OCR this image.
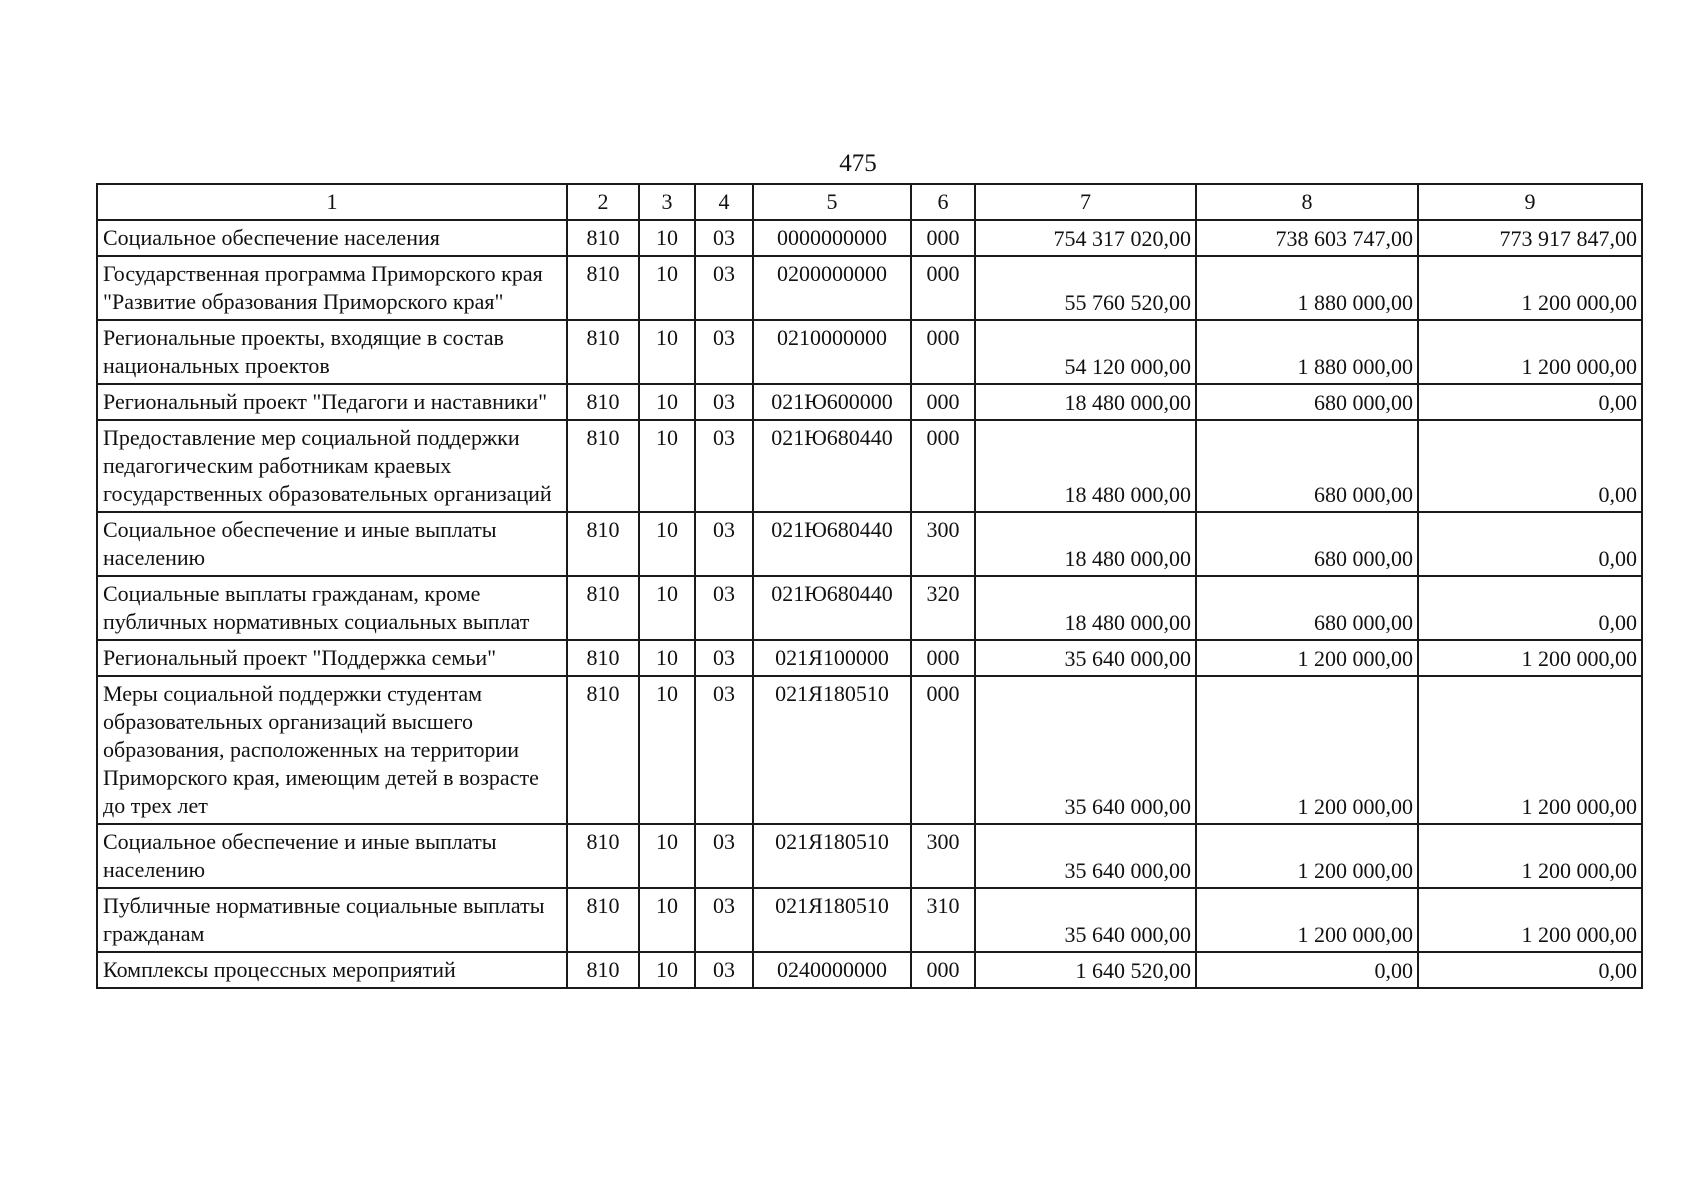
475
1	2	3	4	5	6	7	8	9
Социальное обеспечение населения	810	10	03	0000000000	000	754 317 020,00	738 603 747,00	773 917 847,00
Государственная программа Приморского края "Развитие образования Приморского края"	810	10	03	0200000000	000	55 760 520,00	1 880 000,00	1 200 000,00
Региональные проекты, входящие в состав национальных проектов	810	10	03	0210000000	000	54 120 000,00	1 880 000,00	1 200 000,00
Региональный проект "Педагоги и наставники"	810	10	03	021Ю600000	000	18 480 000,00	680 000,00	0,00
Предоставление мер социальной поддержки педагогическим работникам краевых государственных образовательных организаций	810	10	03	021Ю680440	000	18 480 000,00	680 000,00	0,00
Социальное обеспечение и иные выплаты населению	810	10	03	021Ю680440	300	18 480 000,00	680 000,00	0,00
Социальные выплаты гражданам, кроме публичных нормативных социальных выплат	810	10	03	021Ю680440	320	18 480 000,00	680 000,00	0,00
Региональный проект "Поддержка семьи"	810	10	03	021Я100000	000	35 640 000,00	1 200 000,00	1 200 000,00
Меры социальной поддержки студентам образовательных организаций высшего образования, расположенных на территории Приморского края, имеющим детей в возрасте до трех лет	810	10	03	021Я180510	000	35 640 000,00	1 200 000,00	1 200 000,00
Социальное обеспечение и иные выплаты населению	810	10	03	021Я180510	300	35 640 000,00	1 200 000,00	1 200 000,00
Публичные нормативные социальные выплаты гражданам	810	10	03	021Я180510	310	35 640 000,00	1 200 000,00	1 200 000,00
Комплексы процессных мероприятий	810	10	03	0240000000	000	1 640 520,00	0,00	0,00
